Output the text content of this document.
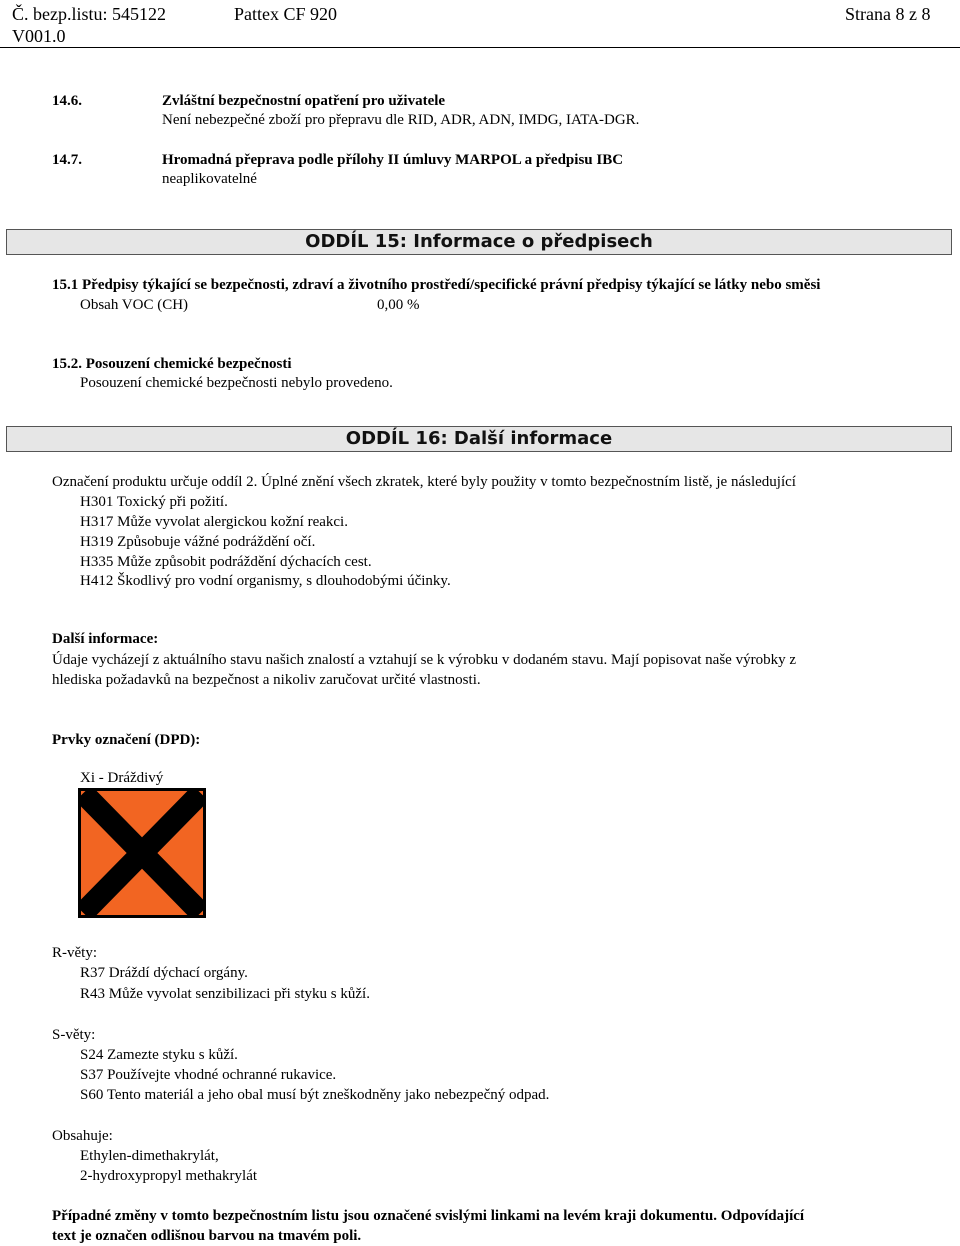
Č. bezp.listu: 545122	Pattex CF 920	Strana 8 z 8
V001.0
14.6.	Zvláštní bezpečnostní opatření pro uživatele
Není nebezpečné zboží pro přepravu dle RID, ADR, ADN, IMDG, IATA-DGR.
14.7.	Hromadná přeprava podle přílohy II úmluvy MARPOL a předpisu IBC
neaplikovatelné
ODDÍL 15: Informace o předpisech
15.1 Předpisy týkající se bezpečnosti, zdraví a životního prostředí/specifické právní předpisy týkající se látky nebo směsi
Obsah VOC (CH)	0,00 %
15.2. Posouzení chemické bezpečnosti
Posouzení chemické bezpečnosti nebylo provedeno.
ODDÍL 16: Další informace
Označení produktu určuje oddíl 2. Úplné znění všech zkratek, které byly použity v tomto bezpečnostním listě, je následující
H301 Toxický při požití.
H317 Může vyvolat alergickou kožní reakci.
H319 Způsobuje vážné podráždění očí.
H335 Může způsobit podráždění dýchacích cest.
H412 Škodlivý pro vodní organismy, s dlouhodobými účinky.
Další informace:
Údaje vycházejí z aktuálního stavu našich znalostí a vztahují se k výrobku v dodaném stavu. Mají popisovat naše výrobky z
hlediska požadavků na bezpečnost a nikoliv zaručovat určité vlastnosti.
Prvky označení (DPD):
Xi - Dráždivý
R-věty:
R37 Dráždí dýchací orgány.
R43 Může vyvolat senzibilizaci při styku s kůží.
S-věty:
S24 Zamezte styku s kůží.
S37 Používejte vhodné ochranné rukavice.
S60 Tento materiál a jeho obal musí být zneškodněny jako nebezpečný odpad.
Obsahuje:
Ethylen-dimethakrylát,
2-hydroxypropyl methakrylát
Případné změny v tomto bezpečnostním listu jsou označené svislými linkami na levém kraji dokumentu. Odpovídající
text je označen odlišnou barvou na tmavém poli.
